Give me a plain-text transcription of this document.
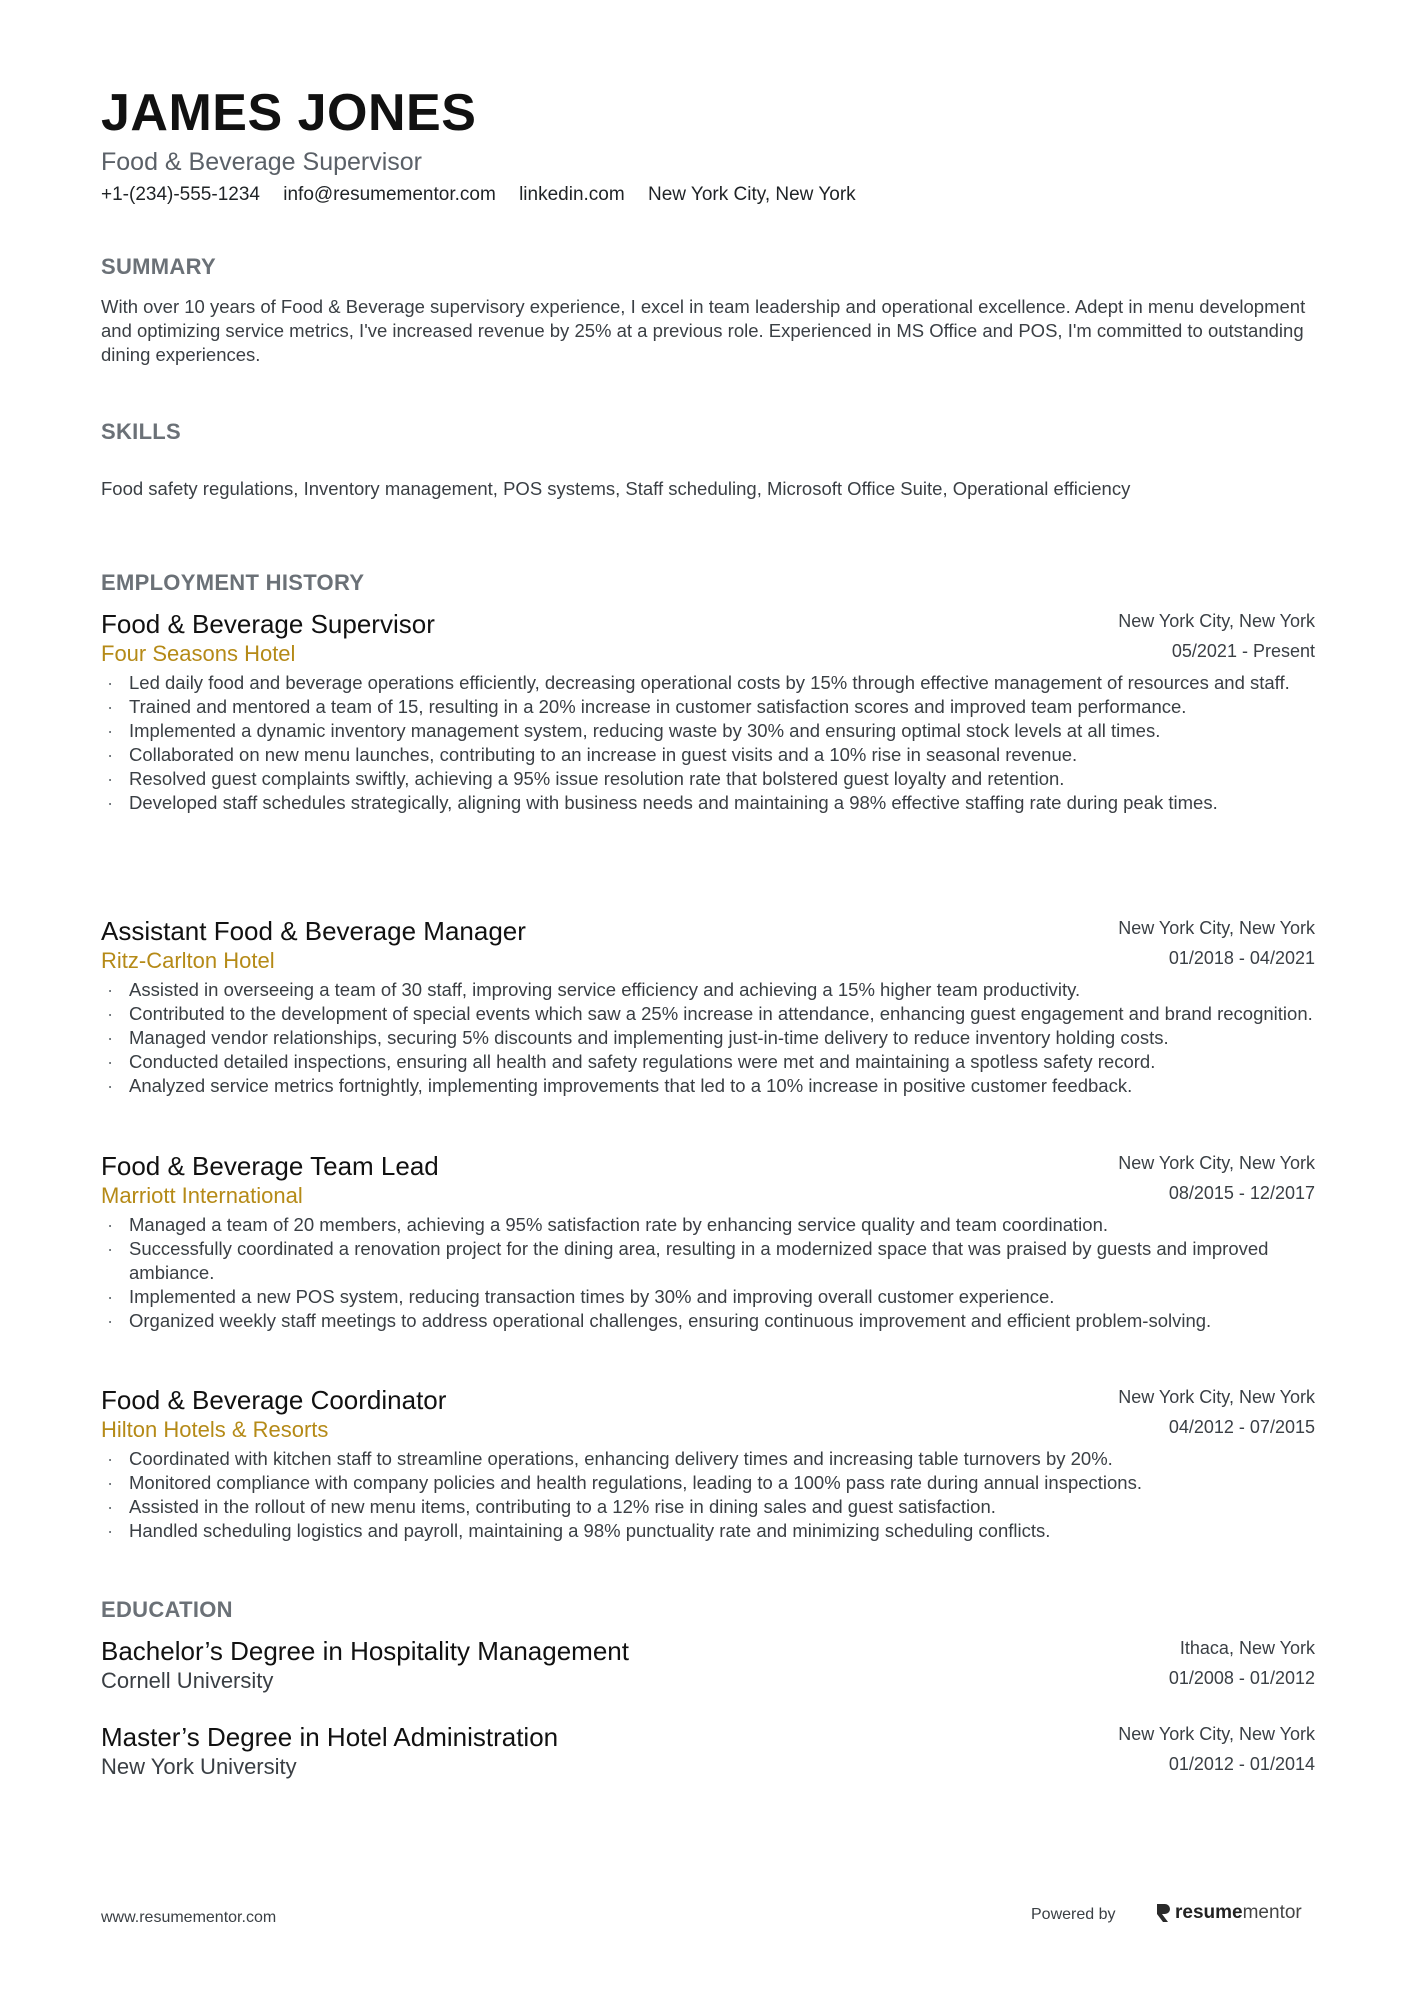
JAMES JONES
Food & Beverage Supervisor
+1-(234)-555-1234 info@resumementor.com linkedin.com New York City, New York
SUMMARY
With over 10 years of Food & Beverage supervisory experience, I excel in team leadership and operational excellence. Adept in menu development and optimizing service metrics, I've increased revenue by 25% at a previous role. Experienced in MS Office and POS, I'm committed to outstanding dining experiences.
SKILLS
Food safety regulations, Inventory management, POS systems, Staff scheduling, Microsoft Office Suite, Operational efficiency
EMPLOYMENT HISTORY
Food & Beverage Supervisor
Four Seasons Hotel
New York City, New York
05/2021 - Present
· Led daily food and beverage operations efficiently, decreasing operational costs by 15% through effective management of resources and staff.
· Trained and mentored a team of 15, resulting in a 20% increase in customer satisfaction scores and improved team performance.
· Implemented a dynamic inventory management system, reducing waste by 30% and ensuring optimal stock levels at all times.
· Collaborated on new menu launches, contributing to an increase in guest visits and a 10% rise in seasonal revenue.
· Resolved guest complaints swiftly, achieving a 95% issue resolution rate that bolstered guest loyalty and retention.
· Developed staff schedules strategically, aligning with business needs and maintaining a 98% effective staffing rate during peak times.
Assistant Food & Beverage Manager
Ritz-Carlton Hotel
New York City, New York
01/2018 - 04/2021
· Assisted in overseeing a team of 30 staff, improving service efficiency and achieving a 15% higher team productivity.
· Contributed to the development of special events which saw a 25% increase in attendance, enhancing guest engagement and brand recognition.
· Managed vendor relationships, securing 5% discounts and implementing just-in-time delivery to reduce inventory holding costs.
· Conducted detailed inspections, ensuring all health and safety regulations were met and maintaining a spotless safety record.
· Analyzed service metrics fortnightly, implementing improvements that led to a 10% increase in positive customer feedback.
Food & Beverage Team Lead
Marriott International
New York City, New York
08/2015 - 12/2017
· Managed a team of 20 members, achieving a 95% satisfaction rate by enhancing service quality and team coordination.
· Successfully coordinated a renovation project for the dining area, resulting in a modernized space that was praised by guests and improved ambiance.
· Implemented a new POS system, reducing transaction times by 30% and improving overall customer experience.
· Organized weekly staff meetings to address operational challenges, ensuring continuous improvement and efficient problem-solving.
Food & Beverage Coordinator
Hilton Hotels & Resorts
New York City, New York
04/2012 - 07/2015
· Coordinated with kitchen staff to streamline operations, enhancing delivery times and increasing table turnovers by 20%.
· Monitored compliance with company policies and health regulations, leading to a 100% pass rate during annual inspections.
· Assisted in the rollout of new menu items, contributing to a 12% rise in dining sales and guest satisfaction.
· Handled scheduling logistics and payroll, maintaining a 98% punctuality rate and minimizing scheduling conflicts.
EDUCATION
Bachelor’s Degree in Hospitality Management
Cornell University
Ithaca, New York
01/2008 - 01/2012
Master’s Degree in Hotel Administration
New York University
New York City, New York
01/2012 - 01/2014
www.resumementor.com	Powered by	resume mentor
